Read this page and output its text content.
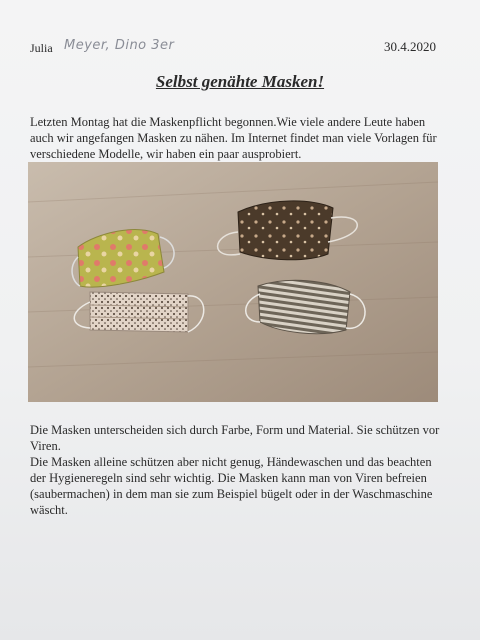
Julia Meyer, Dino 3er	30.4.2020
Selbst genähte Masken!
Letzten Montag hat die Maskenpflicht begonnen.Wie viele andere Leute haben auch wir angefangen Masken zu nähen. Im Internet findet man viele Vorlagen für verschiedene Modelle, wir haben ein paar ausprobiert.

Die Masken unterscheiden sich durch Farbe, Form und Material. Sie schützen vor Viren.

Die Masken alleine schützen aber nicht genug, Händewaschen und das beachten der Hygieneregeln sind sehr wichtig. Die Masken kann man von Viren befreien (saubermachen) in dem man sie zum Beispiel bügelt oder in der Waschmaschine wäscht.
